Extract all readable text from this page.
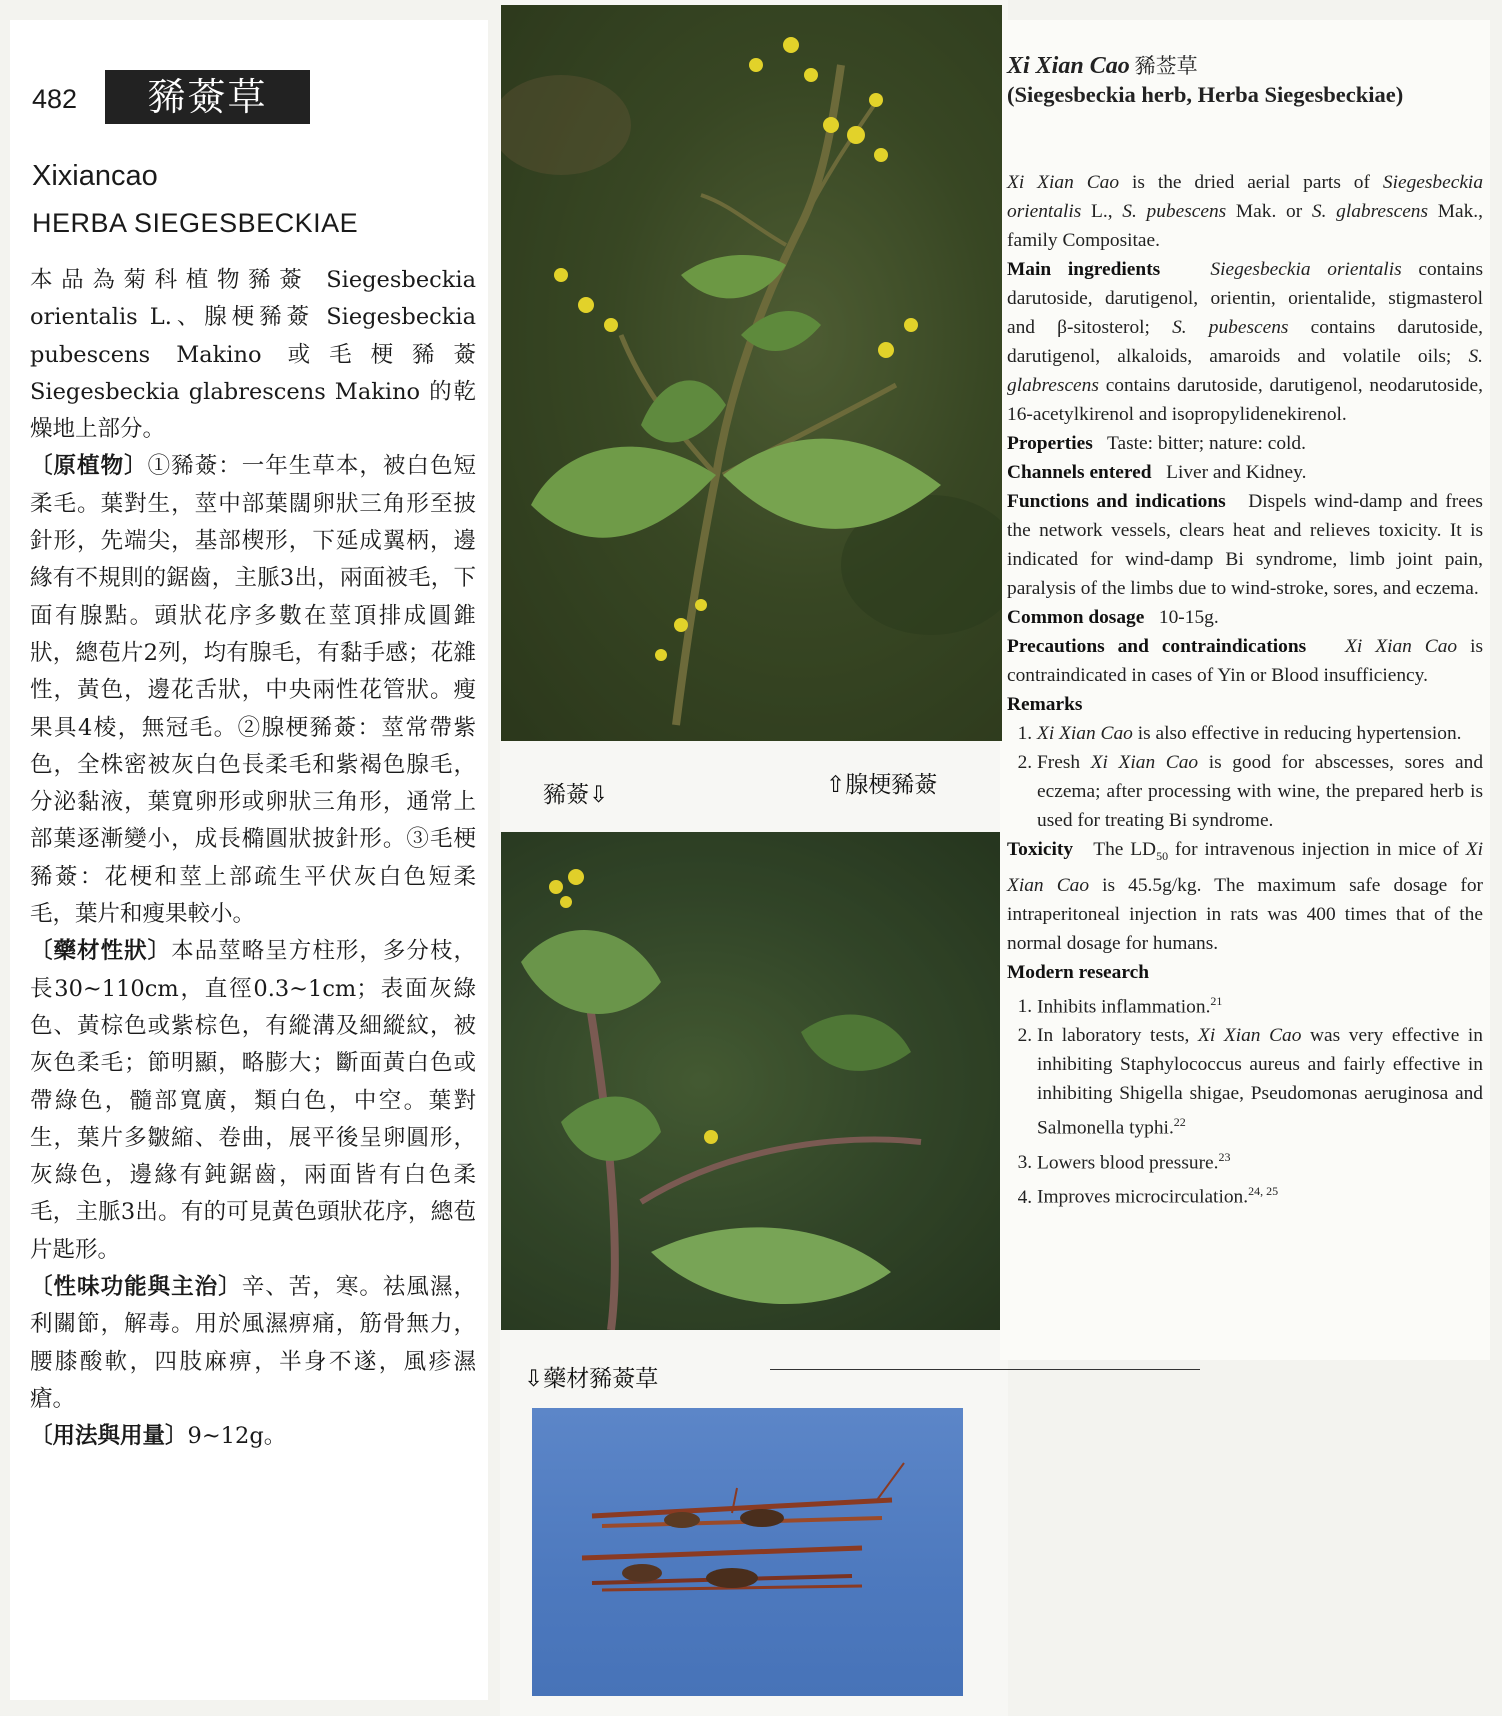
482	豨薟草
Xixiancao
HERBA SIEGESBECKIAE

本品為菊科植物豨薟 Siegesbeckia orientalis L.、腺梗豨薟 Siegesbeckia pubescens Makino 或毛梗豨薟 Siegesbeckia glabrescens Makino 的乾燥地上部分。

〔原植物〕①豨薟：一年生草本，被白色短柔毛。葉對生，莖中部葉闊卵狀三角形至披針形，先端尖，基部楔形，下延成翼柄，邊緣有不規則的鋸齒，主脈3出，兩面被毛，下面有腺點。頭狀花序多數在莖頂排成圓錐狀，總苞片2列，均有腺毛，有黏手感；花雜性，黃色，邊花舌狀，中央兩性花管狀。瘦果具4棱，無冠毛。②腺梗豨薟：莖常帶紫色，全株密被灰白色長柔毛和紫褐色腺毛，分泌黏液，葉寬卵形或卵狀三角形，通常上部葉逐漸變小，成長橢圓狀披針形。③毛梗豨薟：花梗和莖上部疏生平伏灰白色短柔毛，葉片和瘦果較小。

〔藥材性狀〕本品莖略呈方柱形，多分枝，長30~110cm，直徑0.3~1cm；表面灰綠色、黃棕色或紫棕色，有縱溝及細縱紋，被灰色柔毛；節明顯，略膨大；斷面黃白色或帶綠色，髓部寬廣，類白色，中空。葉對生，葉片多皺縮、卷曲，展平後呈卵圓形，灰綠色，邊緣有鈍鋸齒，兩面皆有白色柔毛，主脈3出。有的可見黃色頭狀花序，總苞片匙形。

〔性味功能與主治〕辛、苦，寒。祛風濕，利關節，解毒。用於風濕痹痛，筋骨無力，腰膝酸軟，四肢麻痹，半身不遂，風疹濕瘡。

〔用法與用量〕9~12g。

豨薟⇩	⇧腺梗豨薟
⇩藥材豨薟草

Xi Xian Cao 豨莶草

(Siegesbeckia herb, Herba Siegesbeckiae)

Xi Xian Cao is the dried aerial parts of Siegesbeckia orientalis L., S. pubescens Mak. or S. glabrescens Mak., family Compositae.

Main ingredients	Siegesbeckia orientalis contains darutoside, darutigenol, orientin, orientalide, stigmasterol and β-sitosterol; S. pubescens contains darutoside, darutigenol, alkaloids, amaroids and volatile oils; S. glabrescens contains darutoside, darutigenol, neodarutoside, 16-acetylkirenol and isopropylidenekirenol.

Properties Taste: bitter; nature: cold.

Channels entered Liver and Kidney.

Functions and indications Dispels wind-damp and frees the network vessels, clears heat and relieves toxicity. It is indicated for wind-damp Bi syndrome, limb joint pain, paralysis of the limbs due to wind-stroke, sores, and eczema.

Common dosage 10-15g.

Precautions and contraindications Xi Xian Cao is contraindicated in cases of Yin or Blood insufficiency.

Remarks

1. Xi Xian Cao is also effective in reducing hypertension.
2. Fresh Xi Xian Cao is good for abscesses, sores and eczema; after processing with wine, the prepared herb is used for treating Bi syndrome.

Toxicity The $LD_{50}$ for intravenous injection in mice of Xi Xian Cao is 45.5g/kg. The maximum safe dosage for intraperitoneal injection in rats was 400 times that of the normal dosage for humans.

Modern research

1. Inhibits inflammation.$^{21}$
2. In laboratory tests, Xi Xian Cao was very effective in inhibiting Staphylococcus aureus and fairly effective in inhibiting Shigella shigae, Pseudomonas aeruginosa and Salmonella typhi.$^{22}$
3. Lowers blood pressure.$^{23}$
4. Improves microcirculation.$^{24, 25}$
